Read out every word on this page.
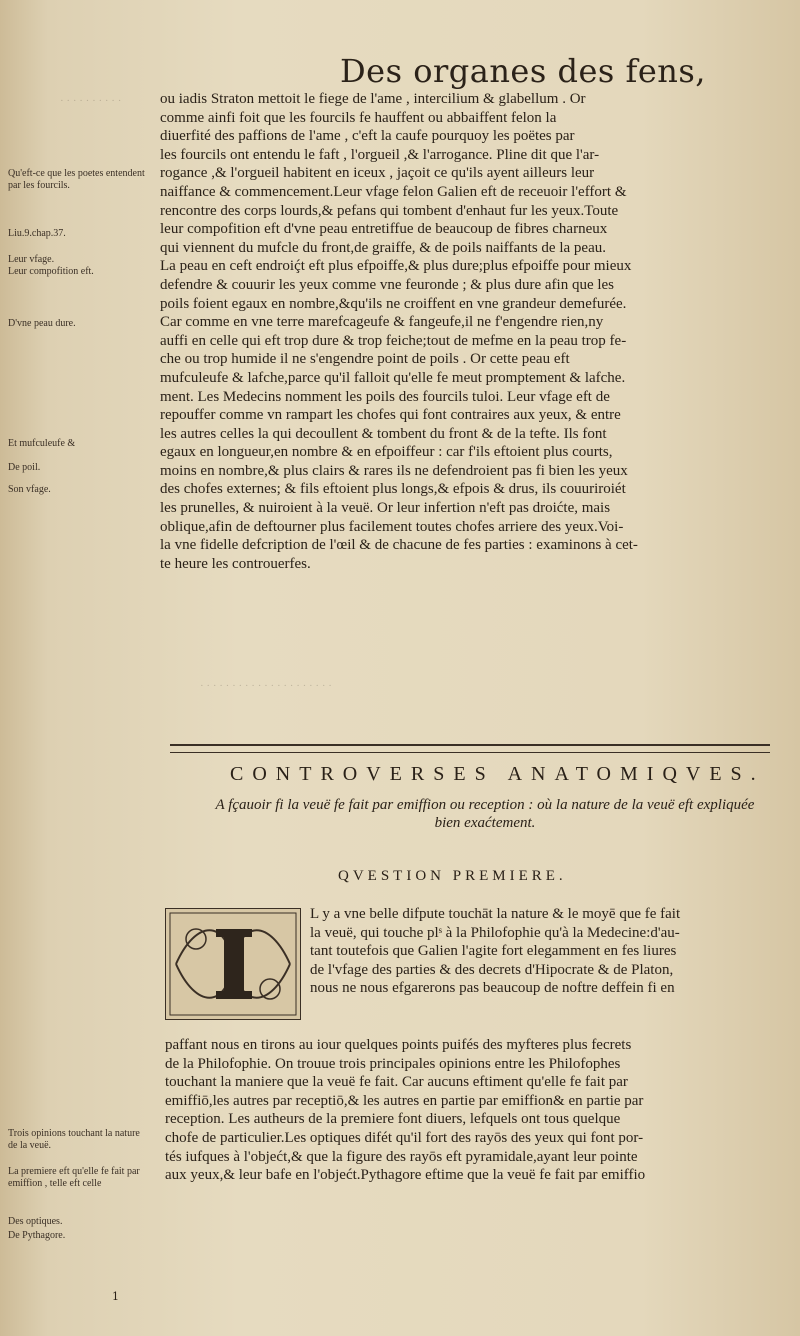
Des organes des fens,
· · · · · · · · · ·
· · · · · · · · · · · · · · · · · · · · ·
Qu'eft-ce que les poetes entendent par les fourcils.
Liu.9.chap.37.
Leur vfage.
Leur compofition eft.
D'vne peau dure.
Et mufculeufe &
De poil.
Son vfage.
Trois opinions touchant la nature de la veuë.
La premiere eft qu'elle fe fait par emiffion , telle eft celle
Des optiques.
De Pythagore.
ou iadis Straton mettoit le fiege de l'ame , intercilium & glabellum . Or
comme ainfi foit que les fourcils fe hauffent ou abbaiffent felon la
diuerfité des paffions de l'ame , c'eft la caufe pourquoy les poëtes par
les fourcils ont entendu le faft , l'orgueil ,& l'arrogance. Pline dit que l'ar-
rogance ,& l'orgueil habitent en iceux , jaçoit ce qu'ils ayent ailleurs leur
naiffance & commencement.Leur vfage felon Galien eft de receuoir l'effort &
rencontre des corps lourds,& pefans qui tombent d'enhaut fur les yeux.Toute
leur compofition eft d'vne peau entretiffue de beaucoup de fibres charneux
qui viennent du mufcle du front,de graiffe, & de poils naiffants de la peau.
La peau en ceft endroiḉt eft plus efpoiffe,& plus dure;plus efpoiffe pour mieux
defendre & couurir les yeux comme vne feuronde ; & plus dure afin que les
poils foient egaux en nombre,&qu'ils ne croiffent en vne grandeur demefurée.
Car comme en vne terre marefcageufe & fangeufe,il ne f'engendre rien,ny
auffi en celle qui eft trop dure & trop feiche;tout de mefme en la peau trop fe-
che ou trop humide il ne s'engendre point de poils . Or cette peau eft
mufculeufe & lafche,parce qu'il falloit qu'elle fe meut promptement & lafche.
ment. Les Medecins nomment les poils des fourcils tuloi. Leur vfage eft de
repouffer comme vn rampart les chofes qui font contraires aux yeux, & entre
les autres celles la qui decoullent & tombent du front & de la tefte. Ils font
egaux en longueur,en nombre & en efpoiffeur : car f'ils eftoient plus courts,
moins en nombre,& plus clairs & rares ils ne defendroient pas fi bien les yeux
des chofes externes; & fils eftoient plus longs,& efpois & drus, ils couuriroiét
les prunelles, & nuiroient à la veuë. Or leur infertion n'eft pas droićte, mais
oblique,afin de deftourner plus facilement toutes chofes arriere des yeux.Voi-
la vne fidelle defcription de l'œil & de chacune de fes parties : examinons à cet-
te heure les controuerfes.
CONTROVERSES ANATOMIQVES.
A fçauoir fi la veuë fe fait par emiffion ou reception : où la nature de la veuë eft expliquée bien exaćtement.
QVESTION PREMIERE.
L y a vne belle difpute touchāt la nature & le moyē que fe fait
la veuë, qui touche plˢ à la Philofophie qu'à la Medecine:d'au-
tant toutefois que Galien l'agite fort elegamment en fes liures
de l'vfage des parties & des decrets d'Hipocrate & de Platon,
nous ne nous efgarerons pas beaucoup de noftre deffein fi en
paffant nous en tirons au iour quelques points puifés des myfteres plus fecrets
de la Philofophie. On trouue trois principales opinions entre les Philofophes
touchant la maniere que la veuë fe fait. Car aucuns eftiment qu'elle fe fait par
emiffiō,les autres par receptiō,& les autres en partie par emiffion& en partie par
reception. Les autheurs de la premiere font diuers, lefquels ont tous quelque
chofe de particulier.Les optiques difét qu'il fort des rayōs des yeux qui font por-
tés iufques à l'objećt,& que la figure des rayōs eft pyramidale,ayant leur pointe
aux yeux,& leur bafe en l'objećt.Pythagore eftime que la veuë fe fait par emiffio
1
